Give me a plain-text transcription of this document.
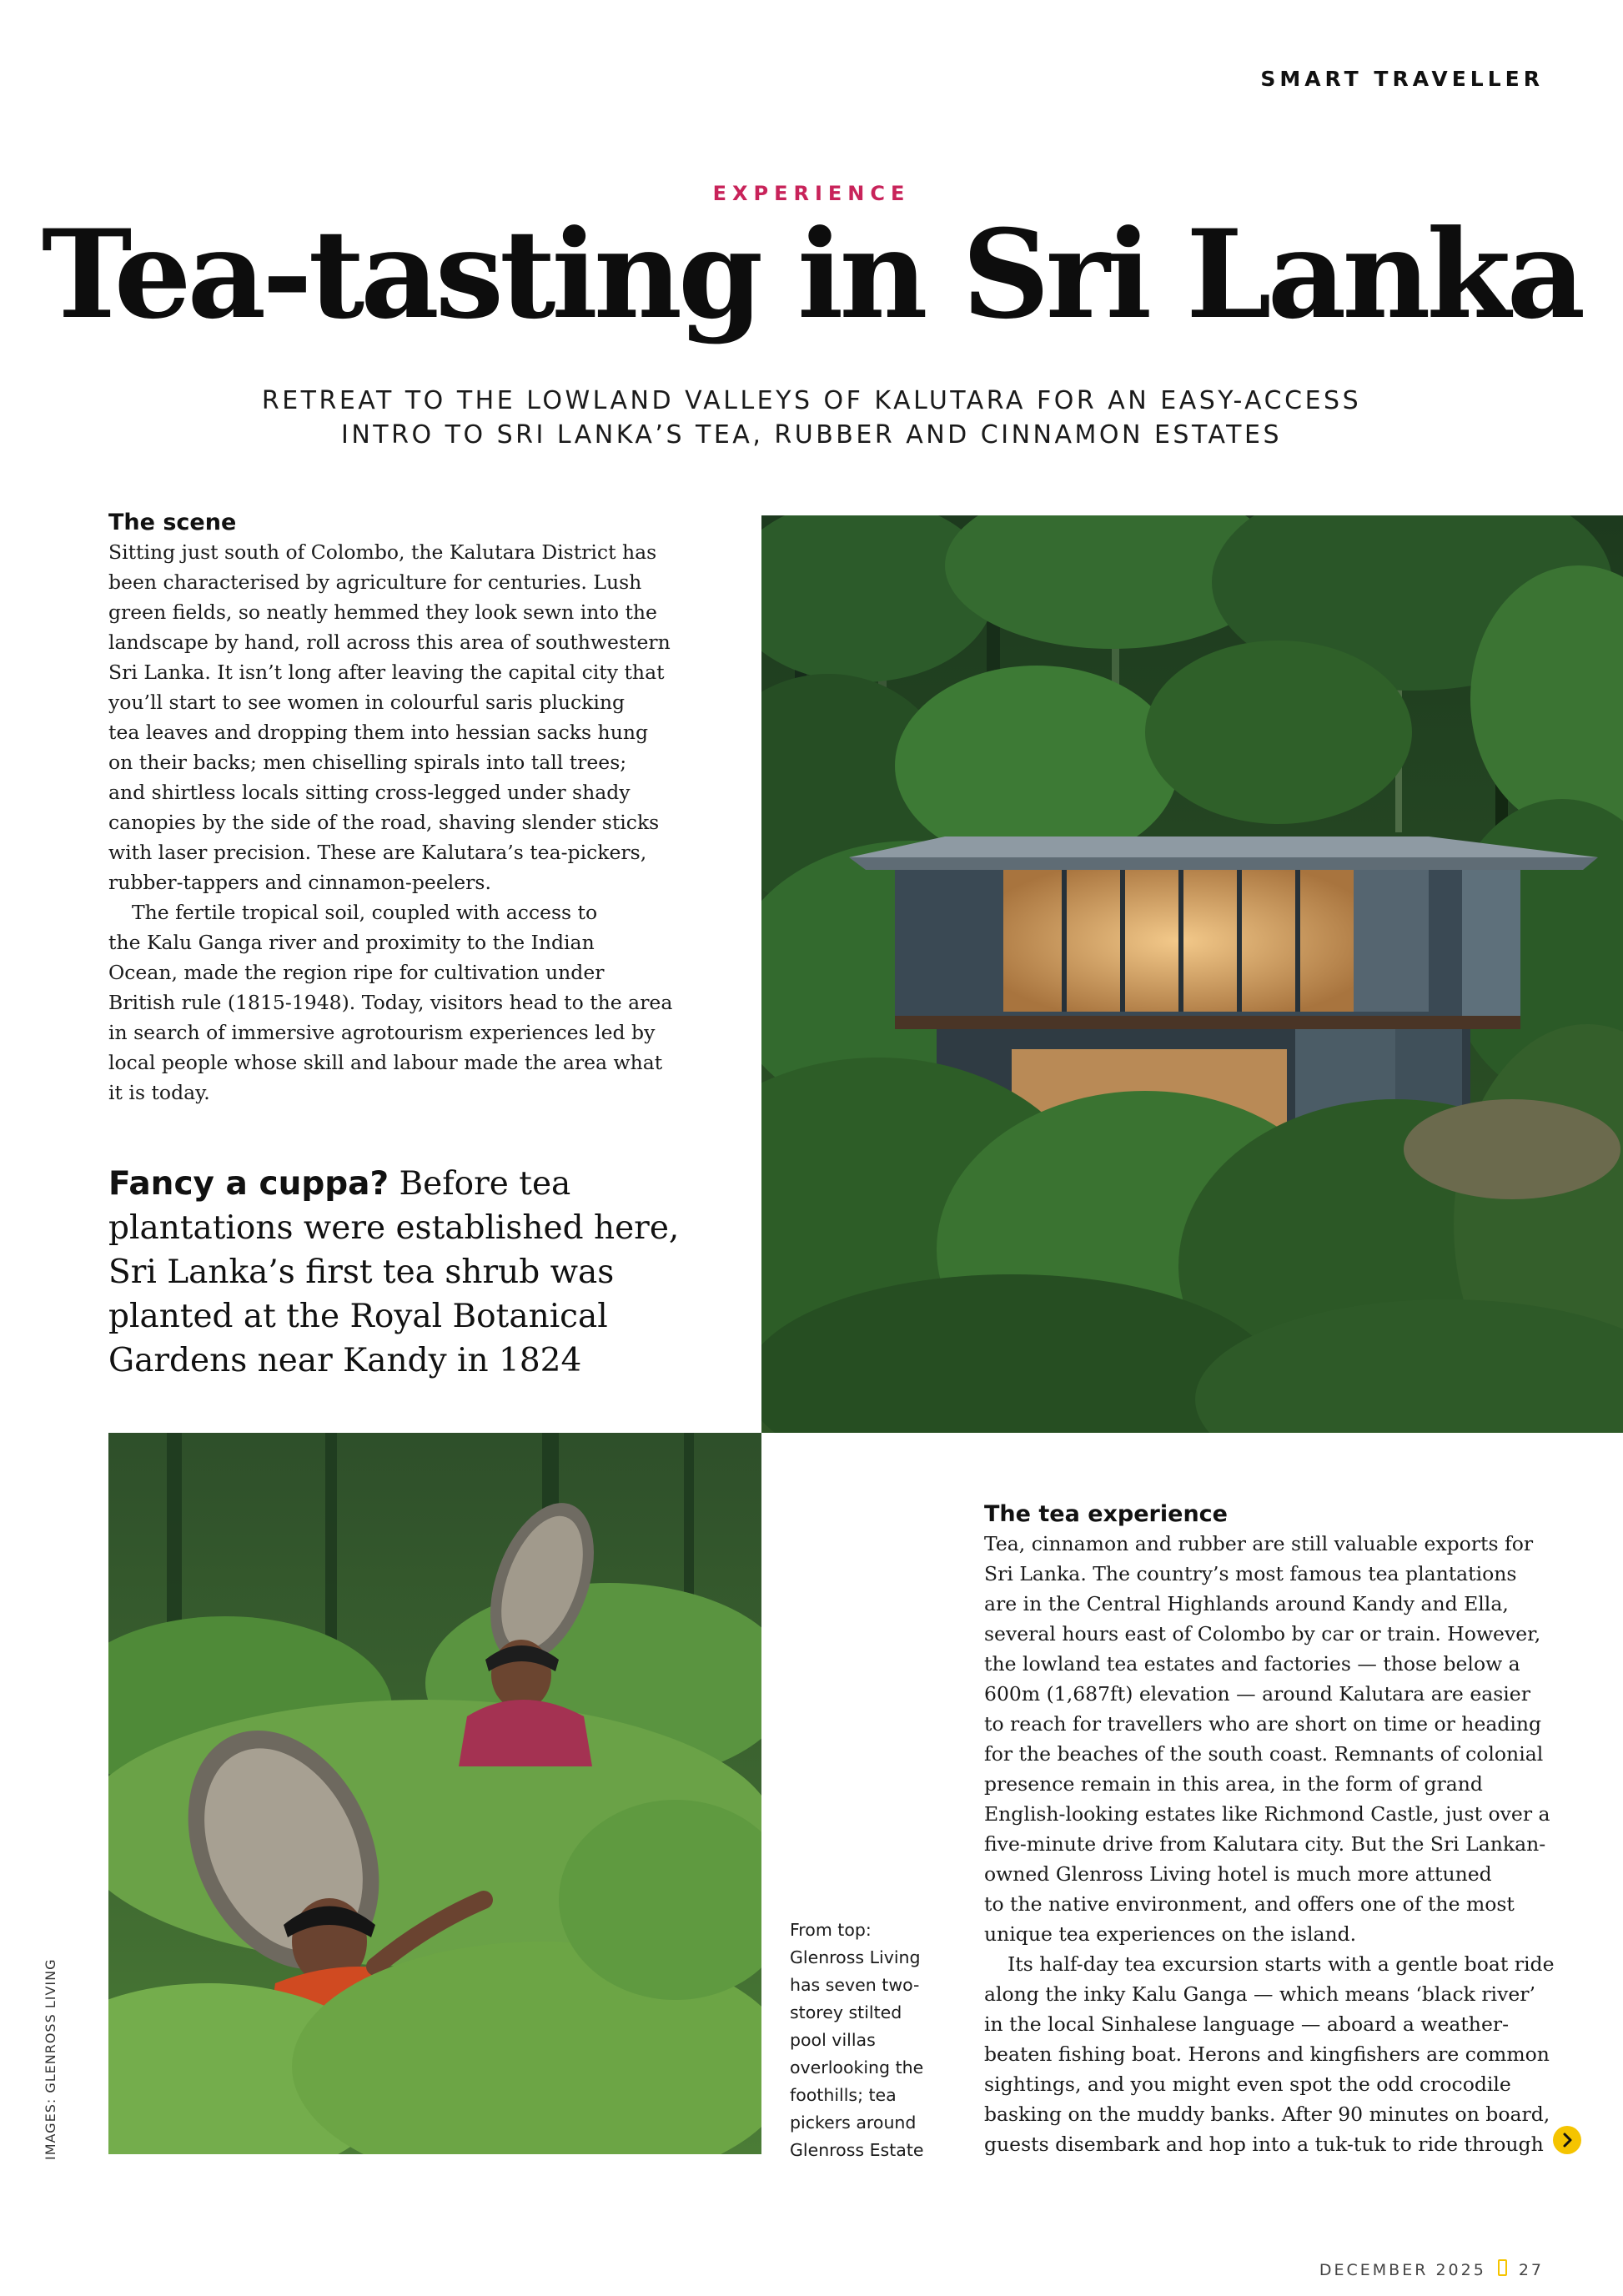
SMART TRAVELLER
EXPERIENCE
Tea-tasting in Sri Lanka
RETREAT TO THE LOWLAND VALLEYS OF KALUTARA FOR AN EASY-ACCESS
INTRO TO SRI LANKA’S TEA, RUBBER AND CINNAMON ESTATES
The scene

Sitting just south of Colombo, the Kalutara District has
been characterised by agriculture for centuries. Lush
green fields, so neatly hemmed they look sewn into the
landscape by hand, roll across this area of southwestern
Sri Lanka. It isn’t long after leaving the capital city that
you’ll start to see women in colourful saris plucking
tea leaves and dropping them into hessian sacks hung
on their backs; men chiselling spirals into tall trees;
and shirtless locals sitting cross-legged under shady
canopies by the side of the road, shaving slender sticks
with laser precision. These are Kalutara’s tea-pickers,
rubber-tappers and cinnamon-peelers.

The fertile tropical soil, coupled with access to
the Kalu Ganga river and proximity to the Indian
Ocean, made the region ripe for cultivation under
British rule (1815-1948). Today, visitors head to the area
in search of immersive agrotourism experiences led by
local people whose skill and labour made the area what
it is today.

Fancy a cuppa? Before tea
plantations were established here,
Sri Lanka’s first tea shrub was
planted at the Royal Botanical
Gardens near Kandy in 1824
From top:
Glenross Living
has seven two-
storey stilted
pool villas
overlooking the
foothills; tea
pickers around
Glenross Estate
The tea experience

Tea, cinnamon and rubber are still valuable exports for
Sri Lanka. The country’s most famous tea plantations
are in the Central Highlands around Kandy and Ella,
several hours east of Colombo by car or train. However,
the lowland tea estates and factories — those below a
600m (1,687ft) elevation — around Kalutara are easier
to reach for travellers who are short on time or heading
for the beaches of the south coast. Remnants of colonial
presence remain in this area, in the form of grand
English-looking estates like Richmond Castle, just over a
five-minute drive from Kalutara city. But the Sri Lankan-
owned Glenross Living hotel is much more attuned
to the native environment, and offers one of the most
unique tea experiences on the island.

Its half-day tea excursion starts with a gentle boat ride
along the inky Kalu Ganga — which means ‘black river’
in the local Sinhalese language — aboard a weather-
beaten fishing boat. Herons and kingfishers are common
sightings, and you might even spot the odd crocodile
basking on the muddy banks. After 90 minutes on board,
guests disembark and hop into a tuk-tuk to ride through

IMAGES: GLENROSS LIVING
DECEMBER 2025 27
